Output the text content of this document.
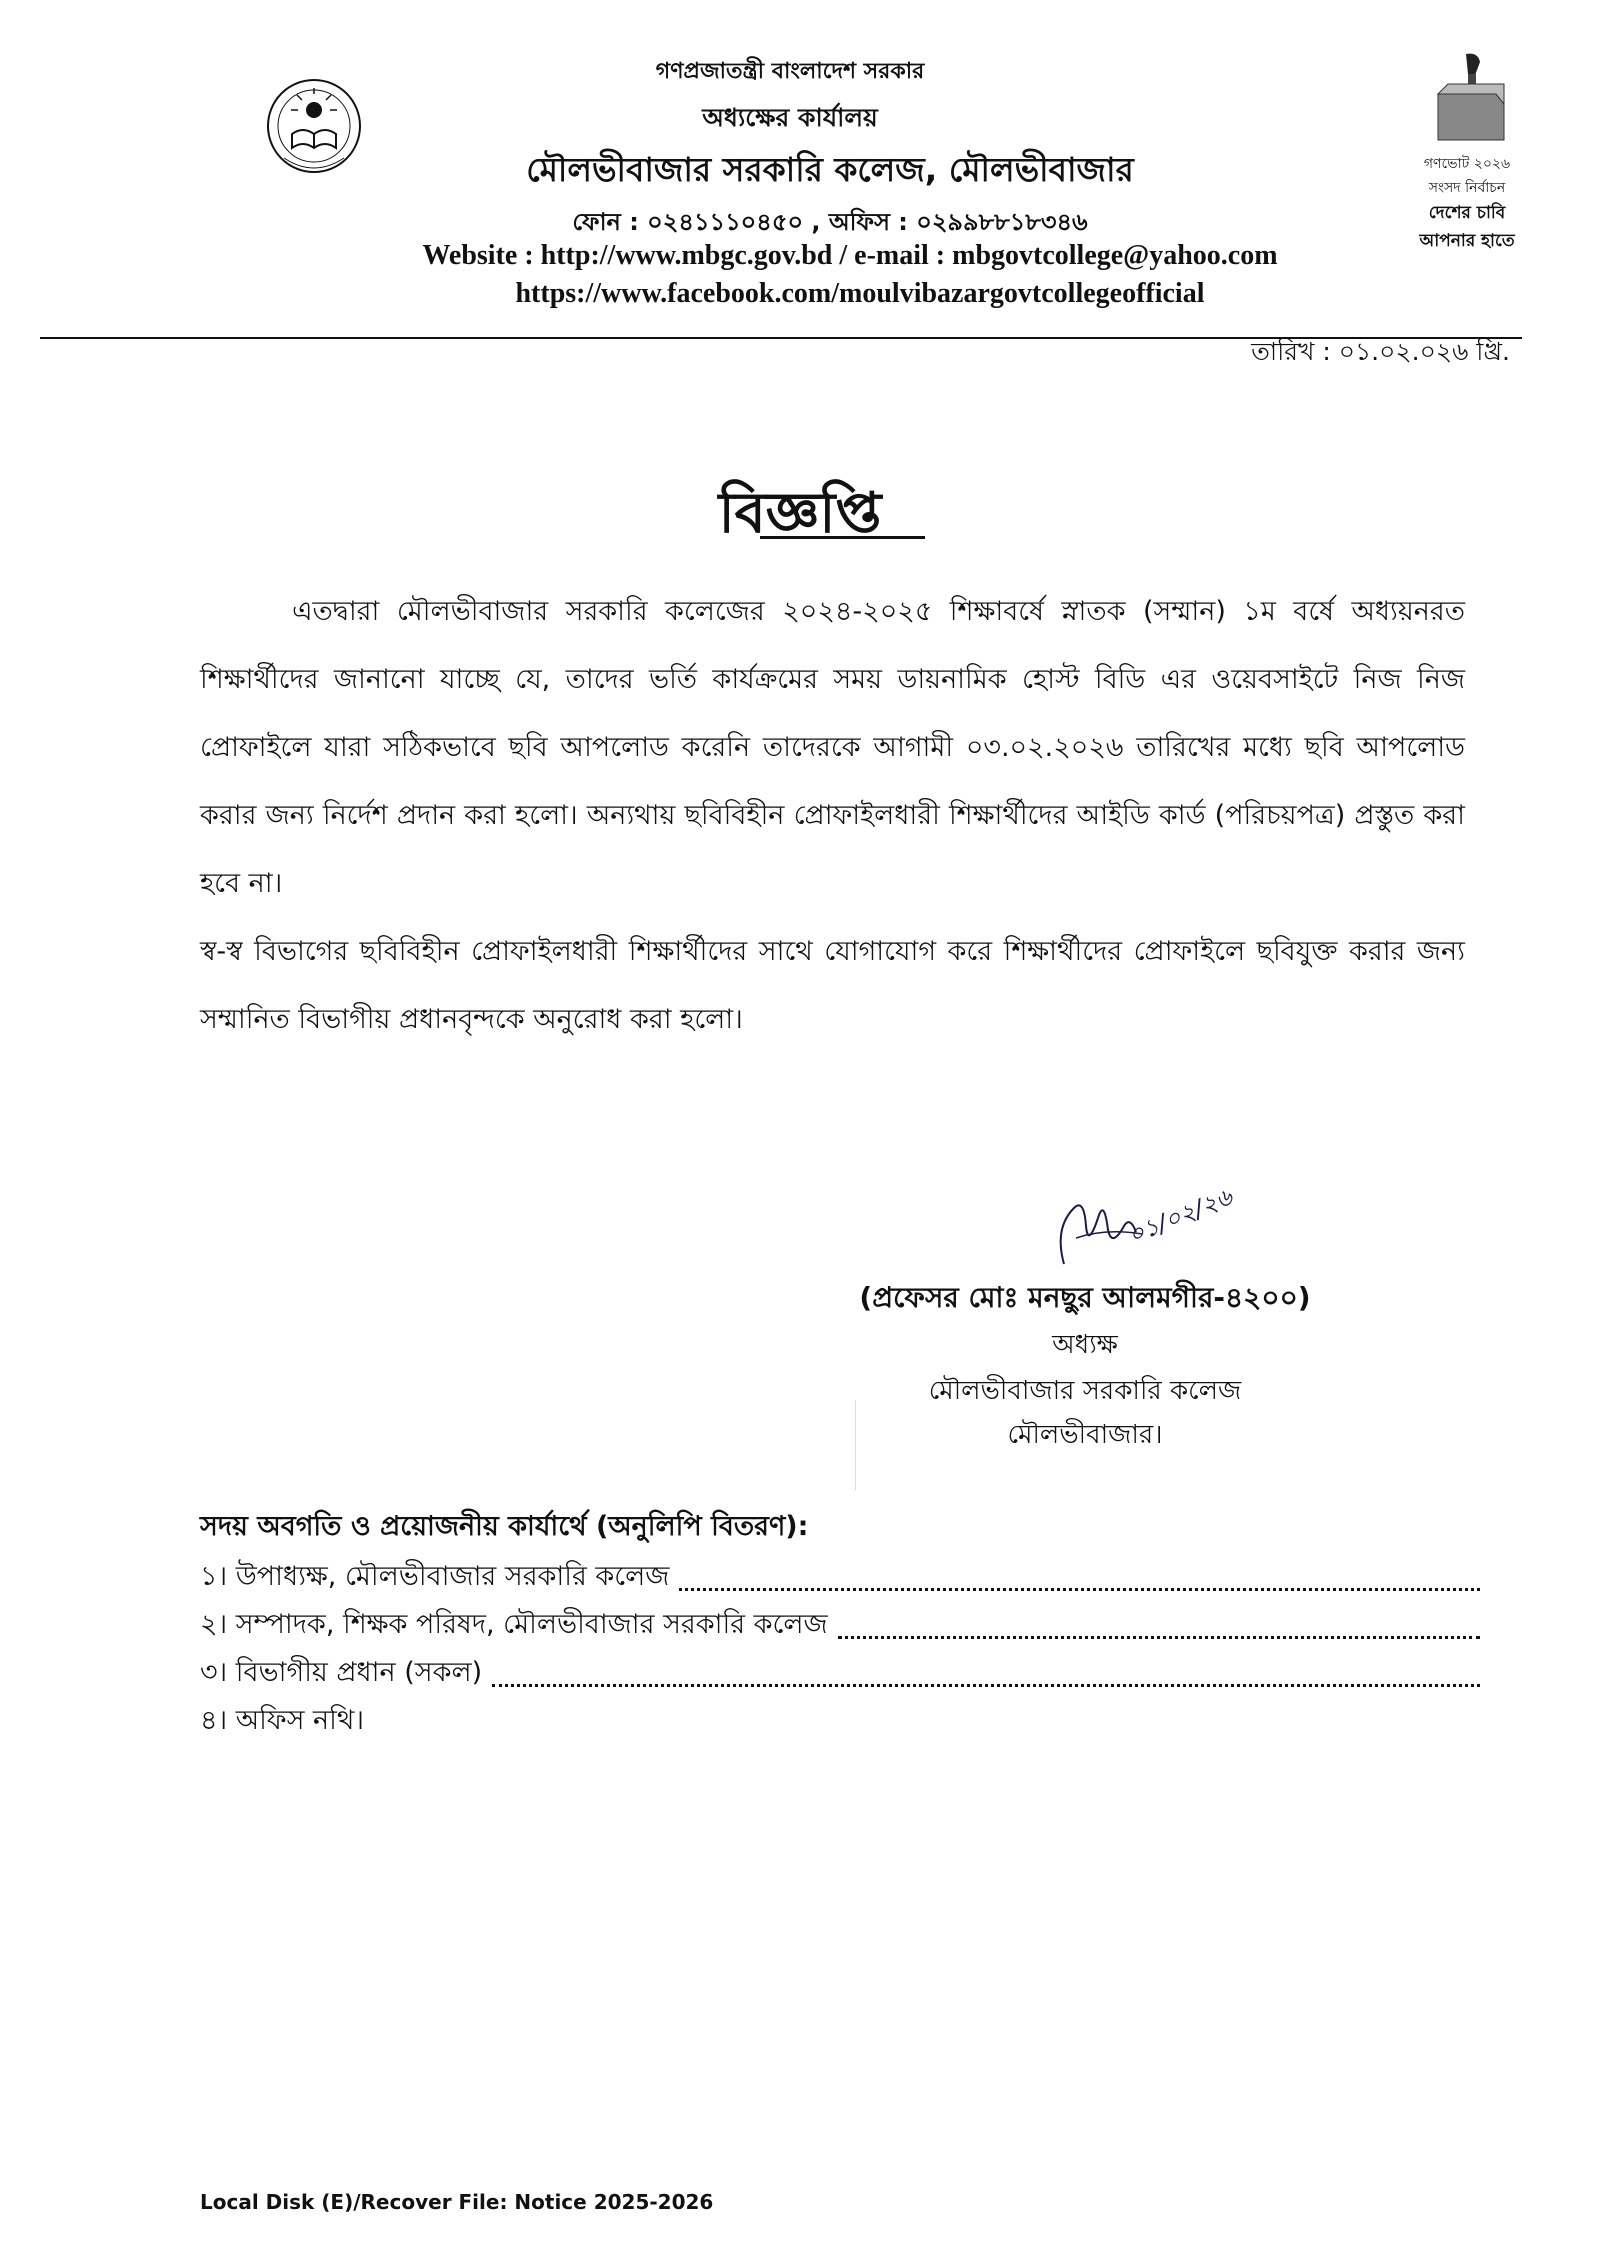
গণভোট ২০২৬
সংসদ নির্বাচন
দেশের চাবি
আপনার হাতে
গণপ্রজাতন্ত্রী বাংলাদেশ সরকার
অধ্যক্ষের কার্যালয়
মৌলভীবাজার সরকারি কলেজ, মৌলভীবাজার
ফোন : ০২৪১১১০৪৫০ , অফিস : ০২৯৯৮৮১৮৩৪৬
Website : http://www.mbgc.gov.bd / e-mail : mbgovtcollege@yahoo.com
https://www.facebook.com/moulvibazargovtcollegeofficial
তারিখ : ০১.০২.০২৬ খ্রি.
বিজ্ঞপ্তি
এতদ্বারা মৌলভীবাজার সরকারি কলেজের ২০২৪-২০২৫ শিক্ষাবর্ষে স্নাতক (সম্মান) ১ম বর্ষে অধ্যয়নরত শিক্ষার্থীদের জানানো যাচ্ছে যে, তাদের ভর্তি কার্যক্রমের সময় ডায়নামিক হোস্ট বিডি এর ওয়েবসাইটে নিজ নিজ প্রোফাইলে যারা সঠিকভাবে ছবি আপলোড করেনি তাদেরকে আগামী ০৩.০২.২০২৬ তারিখের মধ্যে ছবি আপলোড করার জন্য নির্দেশ প্রদান করা হলো। অন্যথায় ছবিবিহীন প্রোফাইলধারী শিক্ষার্থীদের আইডি কার্ড (পরিচয়পত্র) প্রস্তুত করা হবে না।
স্ব-স্ব বিভাগের ছবিবিহীন প্রোফাইলধারী শিক্ষার্থীদের সাথে যোগাযোগ করে শিক্ষার্থীদের প্রোফাইলে ছবিযুক্ত করার জন্য সম্মানিত বিভাগীয় প্রধানবৃন্দকে অনুরোধ করা হলো।
০১/০২/২৬
(প্রফেসর মোঃ মনছুর আলমগীর-৪২০০)
অধ্যক্ষ
মৌলভীবাজার সরকারি কলেজ
মৌলভীবাজার।
সদয় অবগতি ও প্রয়োজনীয় কার্যার্থে (অনুলিপি বিতরণ):
১। উপাধ্যক্ষ, মৌলভীবাজার সরকারি কলেজ
২। সম্পাদক, শিক্ষক পরিষদ, মৌলভীবাজার সরকারি কলেজ
৩। বিভাগীয় প্রধান (সকল)
৪। অফিস নথি।
Local Disk (E)/Recover File: Notice 2025-2026
